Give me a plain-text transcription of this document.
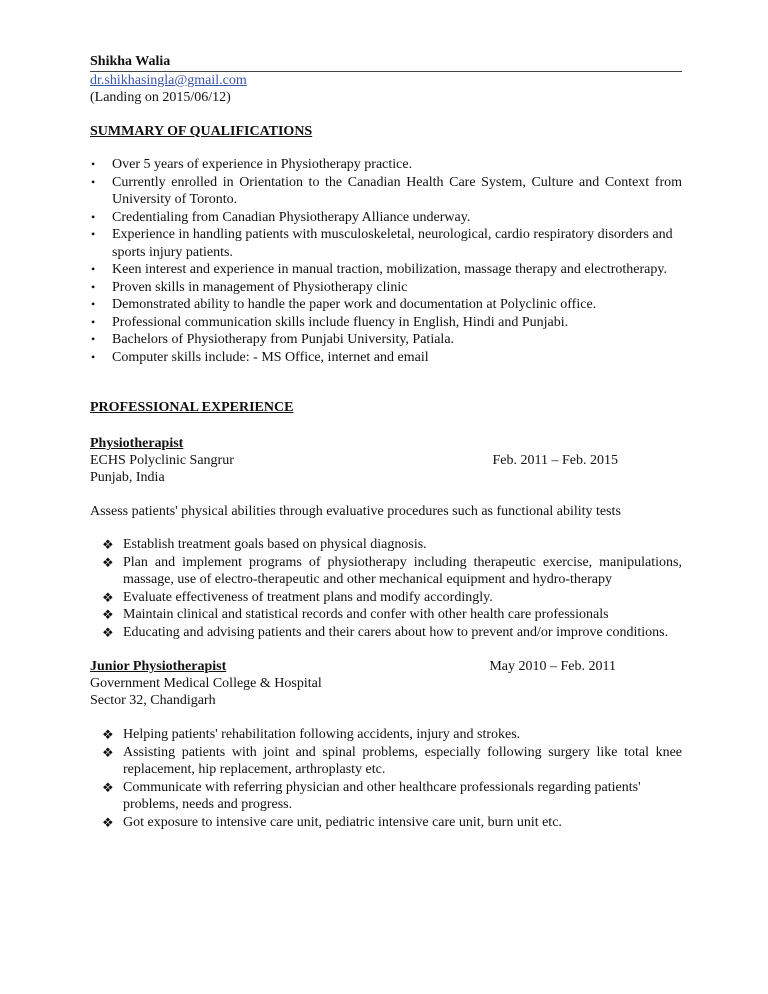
Shikha Walia
dr.shikhasingla@gmail.com
(Landing on 2015/06/12)
SUMMARY OF QUALIFICATIONS
• Over 5 years of experience in Physiotherapy practice.
• Currently enrolled in Orientation to the Canadian Health Care System, Culture and Context from University of Toronto.
• Credentialing from Canadian Physiotherapy Alliance underway.
• Experience in handling patients with musculoskeletal, neurological, cardio respiratory disorders and sports injury patients.
• Keen interest and experience in manual traction, mobilization, massage therapy and electrotherapy.
• Proven skills in management of Physiotherapy clinic
• Demonstrated ability to handle the paper work and documentation at Polyclinic office.
• Professional communication skills include fluency in English, Hindi and Punjabi.
• Bachelors of Physiotherapy from Punjabi University, Patiala.
• Computer skills include: - MS Office, internet and email
PROFESSIONAL EXPERIENCE
Physiotherapist
ECHS Polyclinic Sangrur	Feb. 2011 – Feb. 2015
Punjab, India
Assess patients' physical abilities through evaluative procedures such as functional ability tests
❖ Establish treatment goals based on physical diagnosis.
❖ Plan and implement programs of physiotherapy including therapeutic exercise, manipulations, massage, use of electro-therapeutic and other mechanical equipment and hydro-therapy
❖ Evaluate effectiveness of treatment plans and modify accordingly.
❖ Maintain clinical and statistical records and confer with other health care professionals
❖ Educating and advising patients and their carers about how to prevent and/or improve conditions.
Junior Physiotherapist	May 2010 – Feb. 2011
Government Medical College & Hospital
Sector 32, Chandigarh
❖ Helping patients' rehabilitation following accidents, injury and strokes.
❖ Assisting patients with joint and spinal problems, especially following surgery like total knee replacement, hip replacement, arthroplasty etc.
❖ Communicate with referring physician and other healthcare professionals regarding patients' problems, needs and progress.
❖ Got exposure to intensive care unit, pediatric intensive care unit, burn unit etc.
